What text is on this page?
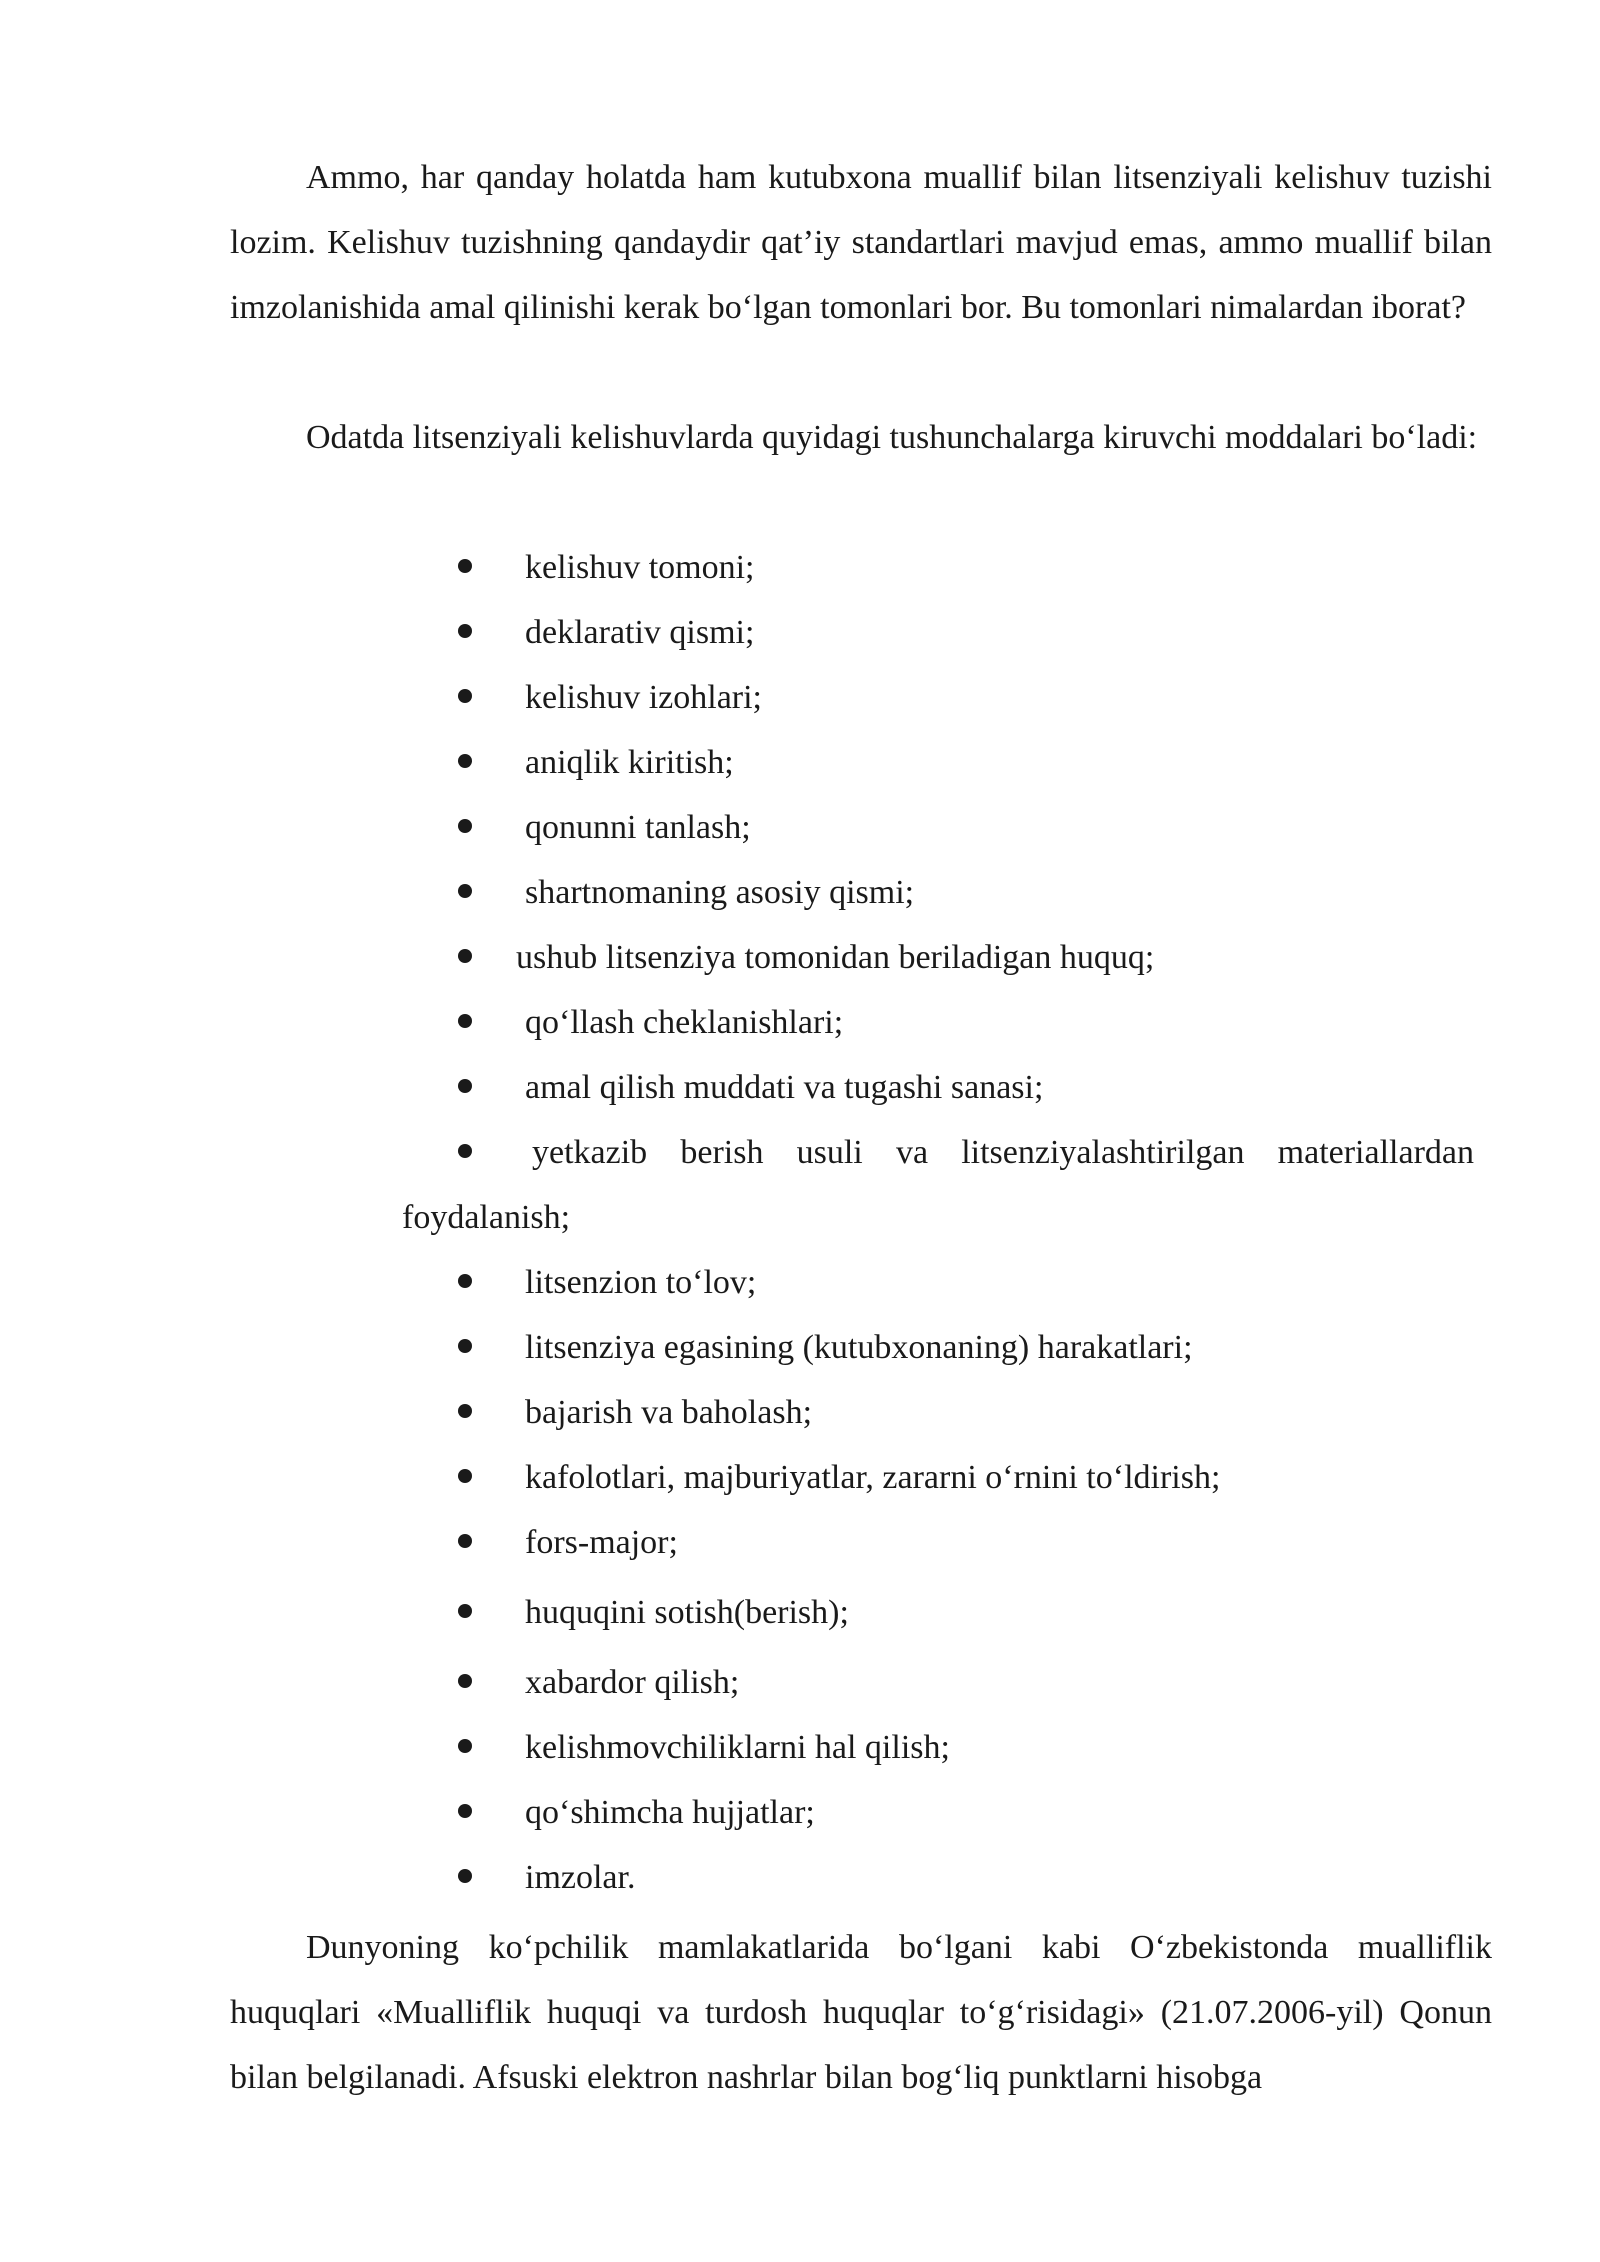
Ammo, har qanday holatda ham kutubxona muallif bilan litsenziyali kelishuv tuzishi lozim. Kelishuv tuzishning qandaydir qat’iy standartlari mavjud emas, ammo muallif bilan imzolanishida amal qilinishi kerak bo‘lgan tomonlari bor. Bu tomonlari nimalardan iborat?

Odatda litsenziyali kelishuvlarda quyidagi tushunchalarga kiruvchi moddalari bo‘ladi:

kelishuv tomoni;
deklarativ qismi;
kelishuv izohlari;
aniqlik kiritish;
qonunni tanlash;
shartnomaning asosiy qismi;
ushub litsenziya tomonidan beriladigan huquq;
qo‘llash cheklanishlari;
amal qilish muddati va tugashi sanasi;
yetkazib berish usuli va litsenziyalashtirilgan materiallardan foydalanish;
litsenzion to‘lov;
litsenziya egasining (kutubxonaning) harakatlari;
bajarish va baholash;
kafolotlari, majburiyatlar, zararni o‘rnini to‘ldirish;
fors-major;
huquqini sotish(berish);
xabardor qilish;
kelishmovchiliklarni hal qilish;
qo‘shimcha hujjatlar;
imzolar.

Dunyoning ko‘pchilik mamlakatlarida bo‘lgani kabi O‘zbekistonda mualliflik huquqlari «Mualliflik huquqi va turdosh huquqlar to‘g‘risidagi» (21.07.2006-yil) Qonun bilan belgilanadi. Afsuski elektron nashrlar bilan bog‘liq punktlarni hisobga
